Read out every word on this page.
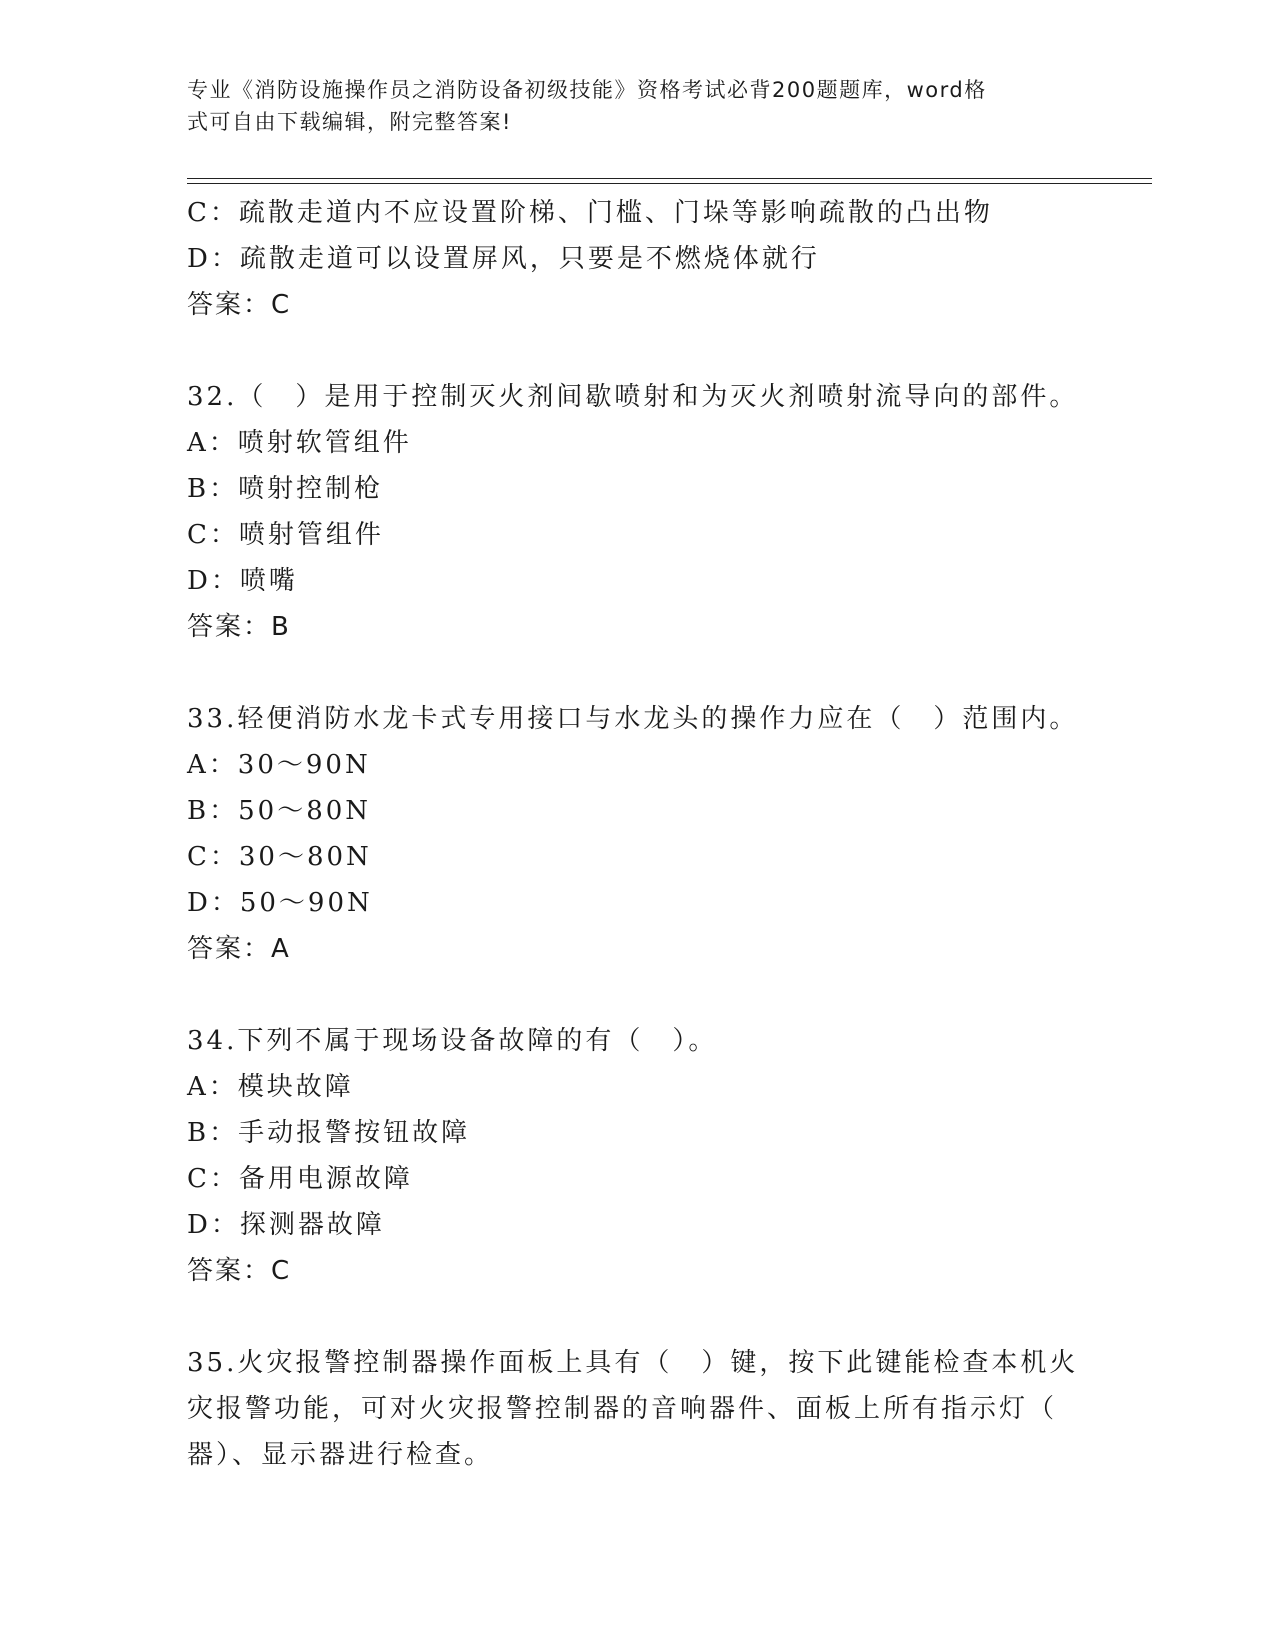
专业《消防设施操作员之消防设备初级技能》资格考试必背200题题库，word格
式可自由下载编辑，附完整答案!
C：疏散走道内不应设置阶梯、门槛、门垛等影响疏散的凸出物
D：疏散走道可以设置屏风，只要是不燃烧体就行
答案：C
32.（　）是用于控制灭火剂间歇喷射和为灭火剂喷射流导向的部件。
A：喷射软管组件
B：喷射控制枪
C：喷射管组件
D：喷嘴
答案：B
33.轻便消防水龙卡式专用接口与水龙头的操作力应在（　）范围内。
A：30～90N
B：50～80N
C：30～80N
D：50～90N
答案：A
34.下列不属于现场设备故障的有（　）。
A：模块故障
B：手动报警按钮故障
C：备用电源故障
D：探测器故障
答案：C
35.火灾报警控制器操作面板上具有（　）键，按下此键能检查本机火
灾报警功能，可对火灾报警控制器的音响器件、面板上所有指示灯（
器）、显示器进行检查。
